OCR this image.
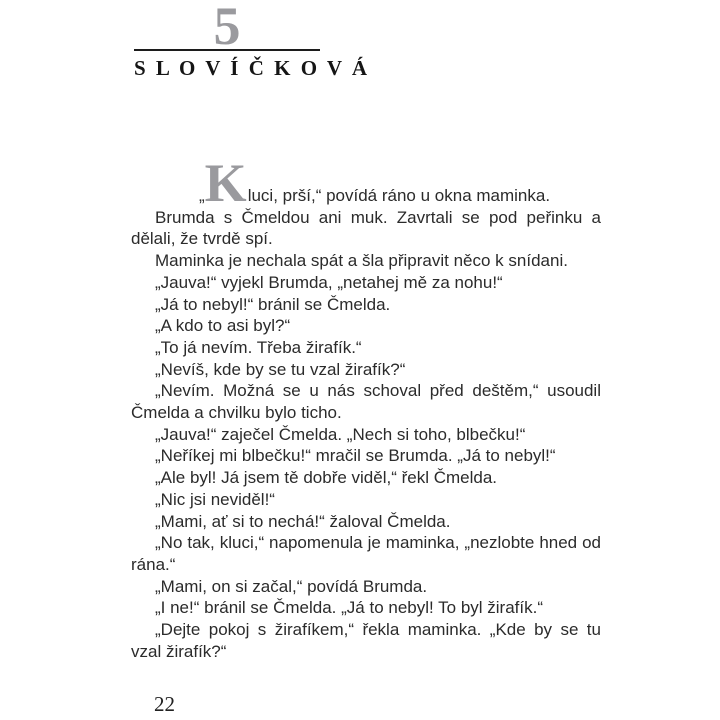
5
S L O V Í Č K O V Á

„Kluci, prší,“ povídá ráno u okna maminka.

Brumda s Čmeldou ani muk. Zavrtali se pod peřinku a dělali, že tvrdě spí.

Maminka je nechala spát a šla připravit něco k snídani.

„Jauva!“ vyjekl Brumda, „netahej mě za nohu!“

„Já to nebyl!“ bránil se Čmelda.

„A kdo to asi byl?“

„To já nevím. Třeba žirafík.“

„Nevíš, kde by se tu vzal žirafík?“

„Nevím. Možná se u nás schoval před deštěm,“ usoudil Čmelda a chvilku bylo ticho.

„Jauva!“ zaječel Čmelda. „Nech si toho, blbečku!“

„Neříkej mi blbečku!“ mračil se Brumda. „Já to nebyl!“

„Ale byl! Já jsem tě dobře viděl,“ řekl Čmelda.

„Nic jsi neviděl!“

„Mami, ať si to nechá!“ žaloval Čmelda.

„No tak, kluci,“ napomenula je maminka, „nezlobte hned od rána.“

„Mami, on si začal,“ povídá Brumda.

„I ne!“ bránil se Čmelda. „Já to nebyl! To byl žirafík.“

„Dejte pokoj s žirafíkem,“ řekla maminka. „Kde by se tu vzal žirafík?“

22
